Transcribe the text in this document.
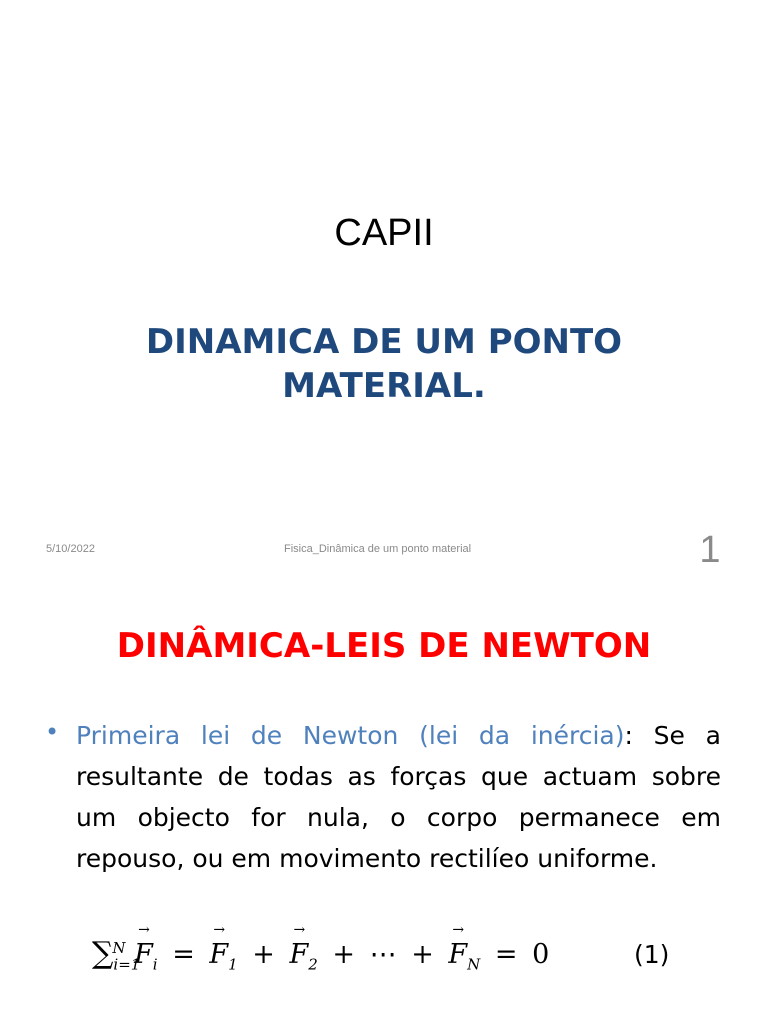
CAPII
DINAMICA DE UM PONTO
MATERIAL.
5/10/2022	Fisica_Dinâmica de um ponto material	1
DINÂMICA-LEIS DE NEWTON
• Primeira lei de Newton (lei da inércia): Se a resultante de todas as forças que actuam sobre um objecto for nula, o corpo permanece em repouso, ou em movimento rectilíeo uniforme.
$\sum_{i=1}^N \to F_i$ = → $F_1$ + → $F_2$ + ⋯ + → $F_N = 0$	(1)
